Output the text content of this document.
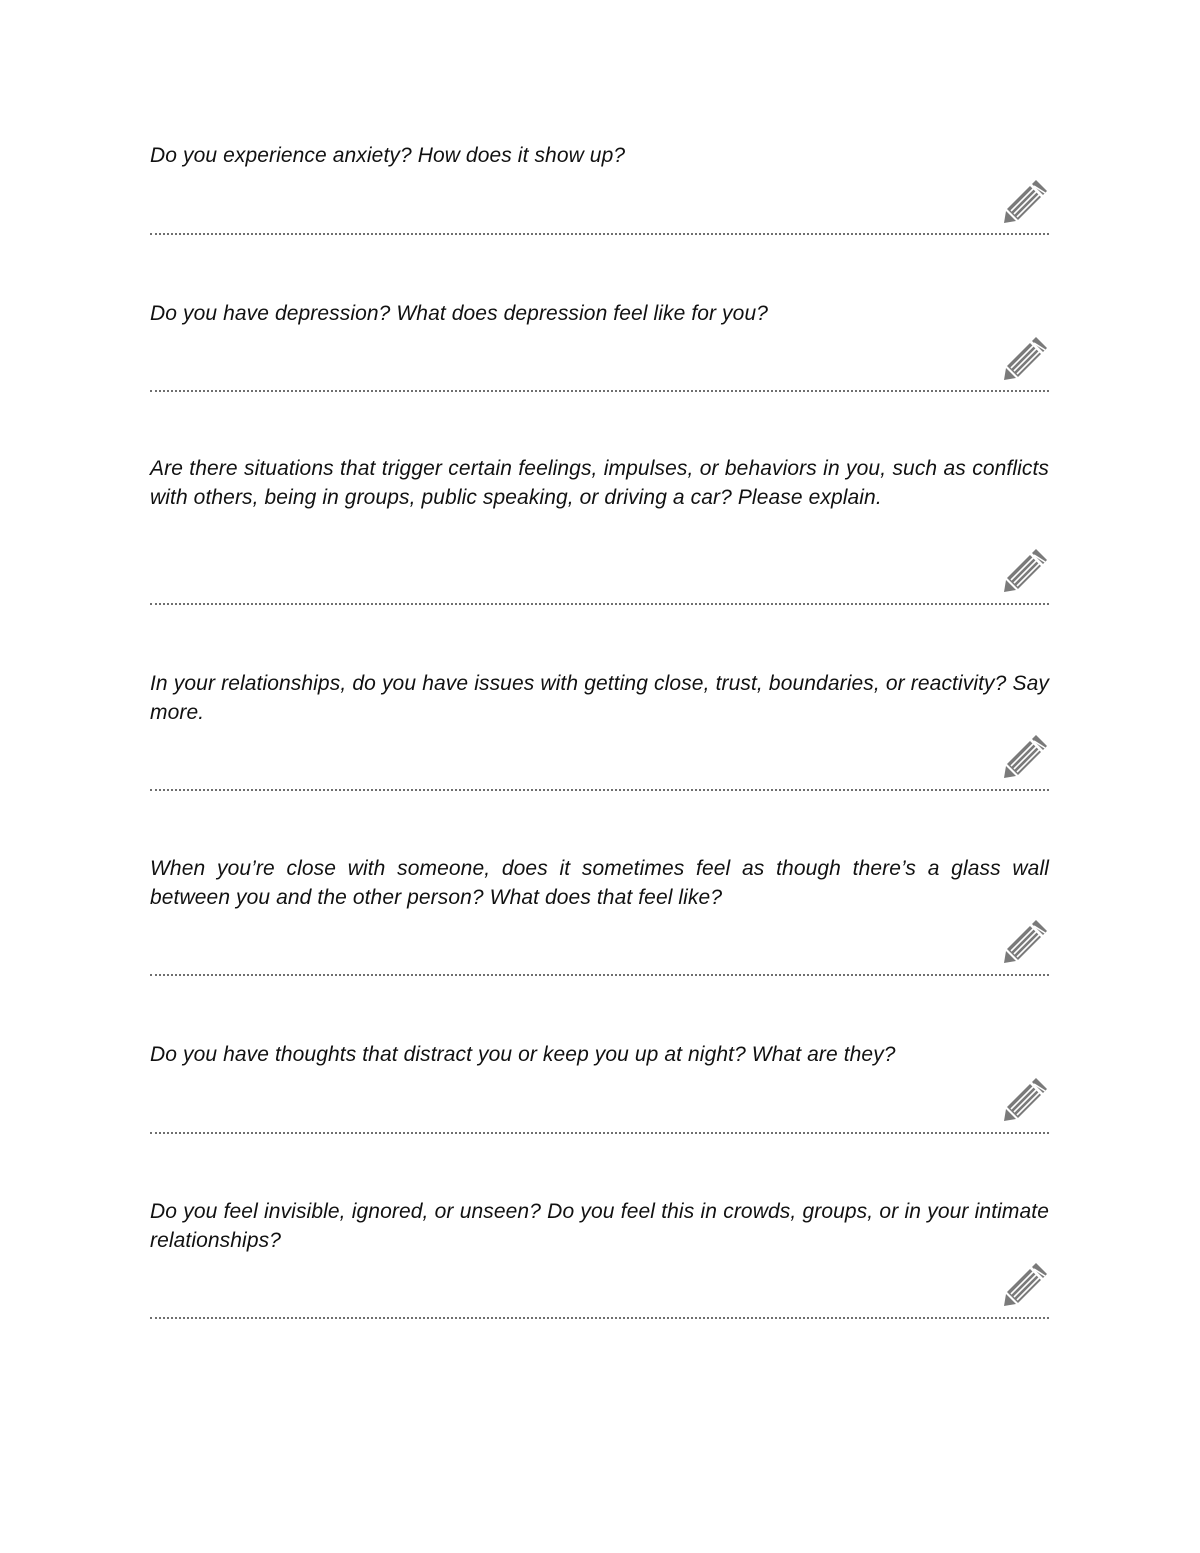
Do you experience anxiety? How does it show up?

Do you have depression? What does depression feel like for you?

Are there situations that trigger certain feelings, impulses, or behaviors in you, such as conflicts with others, being in groups, public speaking, or driving a car? Please explain.

In your relationships, do you have issues with getting close, trust, boundaries, or reactivity? Say more.

When you’re close with someone, does it sometimes feel as though there’s a glass wall between you and the other person? What does that feel like?

Do you have thoughts that distract you or keep you up at night? What are they?

Do you feel invisible, ignored, or unseen? Do you feel this in crowds, groups, or in your intimate relationships?
